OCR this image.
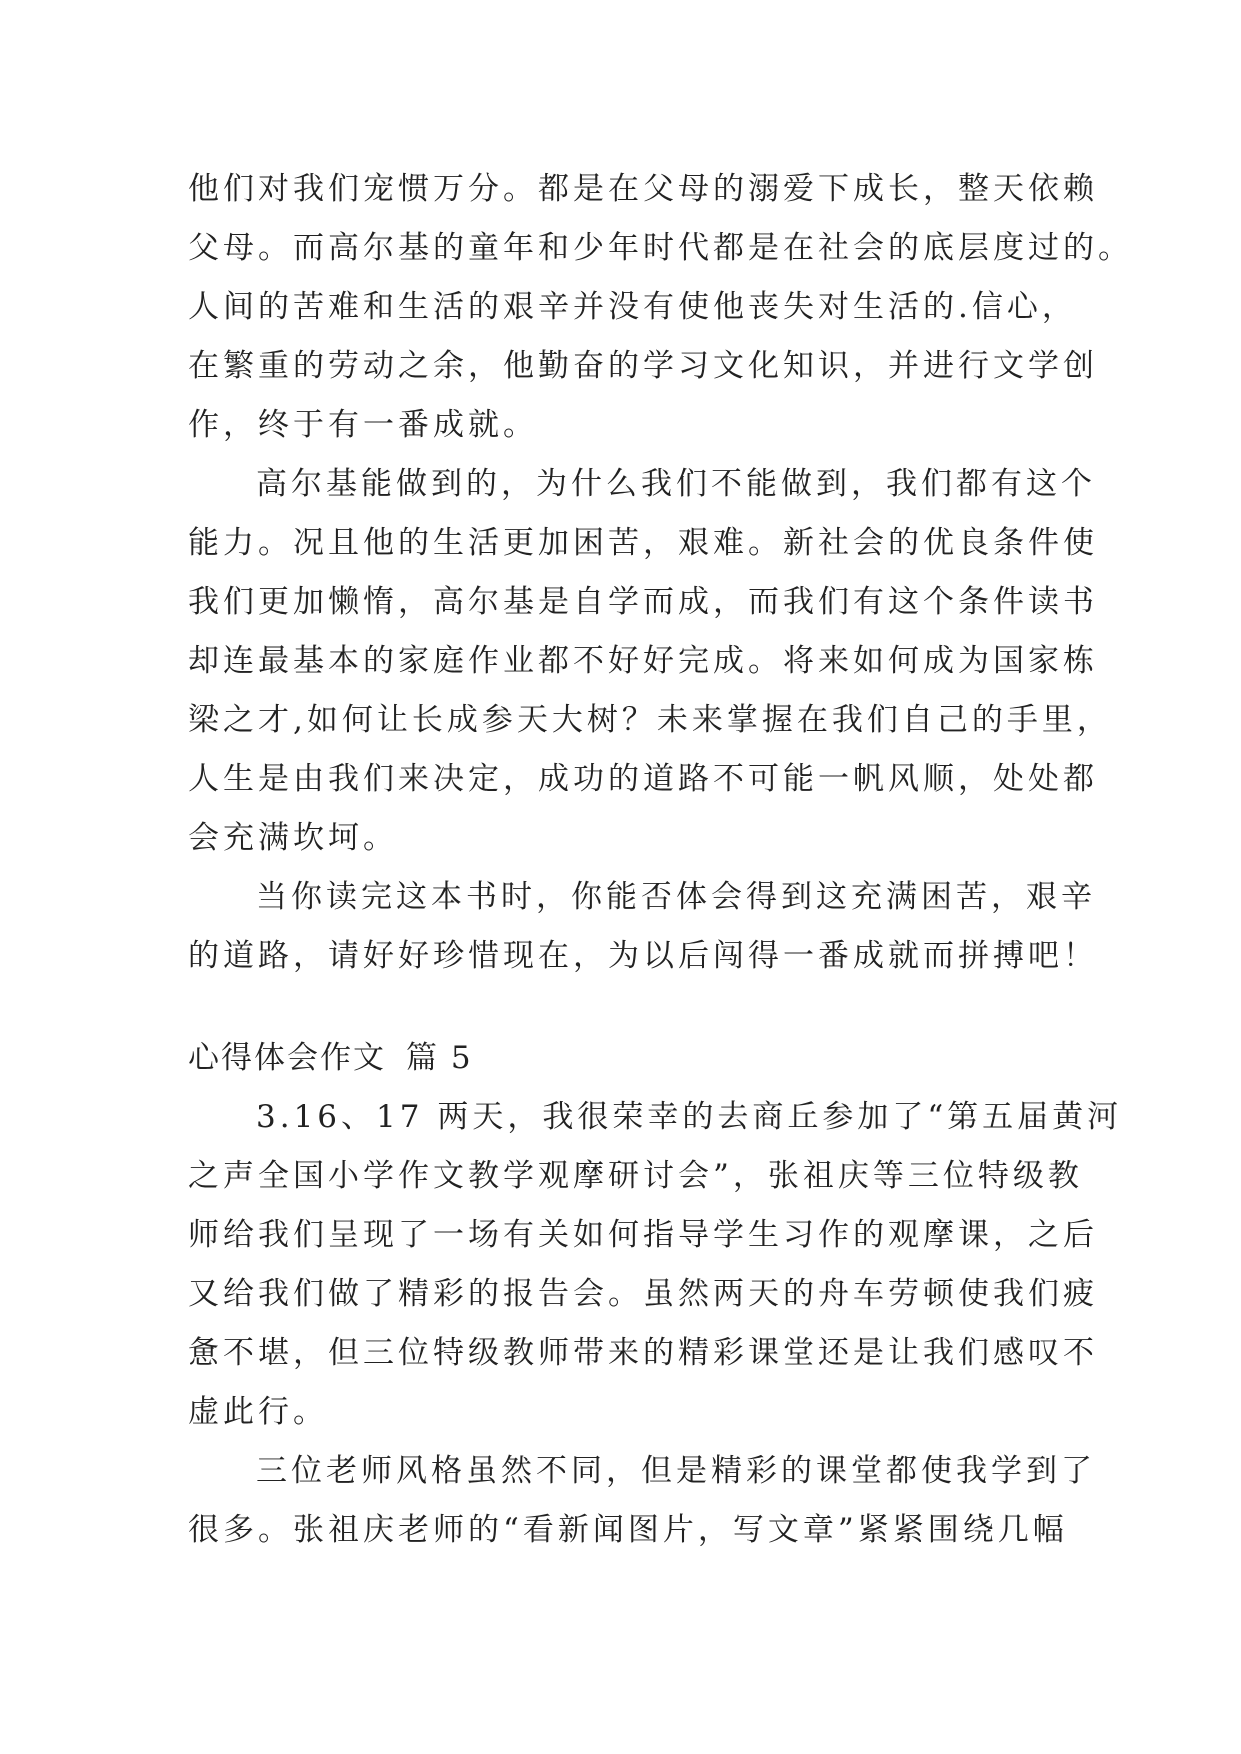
他们对我们宠惯万分。都是在父母的溺爱下成长，整天依赖
父母。而高尔基的童年和少年时代都是在社会的底层度过的。
人间的苦难和生活的艰辛并没有使他丧失对生活的.信心，
在繁重的劳动之余，他勤奋的学习文化知识，并进行文学创
作，终于有一番成就。
高尔基能做到的，为什么我们不能做到，我们都有这个
能力。况且他的生活更加困苦，艰难。新社会的优良条件使
我们更加懒惰，高尔基是自学而成，而我们有这个条件读书
却连最基本的家庭作业都不好好完成。将来如何成为国家栋
梁之才,如何让长成参天大树？未来掌握在我们自己的手里，
人生是由我们来决定，成功的道路不可能一帆风顺，处处都
会充满坎坷。
当你读完这本书时，你能否体会得到这充满困苦，艰辛
的道路，请好好珍惜现在，为以后闯得一番成就而拼搏吧！
心得体会作文 篇 5
3.16、17 两天，我很荣幸的去商丘参加了“第五届黄河
之声全国小学作文教学观摩研讨会”，张祖庆等三位特级教
师给我们呈现了一场有关如何指导学生习作的观摩课，之后
又给我们做了精彩的报告会。虽然两天的舟车劳顿使我们疲
惫不堪，但三位特级教师带来的精彩课堂还是让我们感叹不
虚此行。
三位老师风格虽然不同，但是精彩的课堂都使我学到了
很多。张祖庆老师的“看新闻图片，写文章”紧紧围绕几幅
